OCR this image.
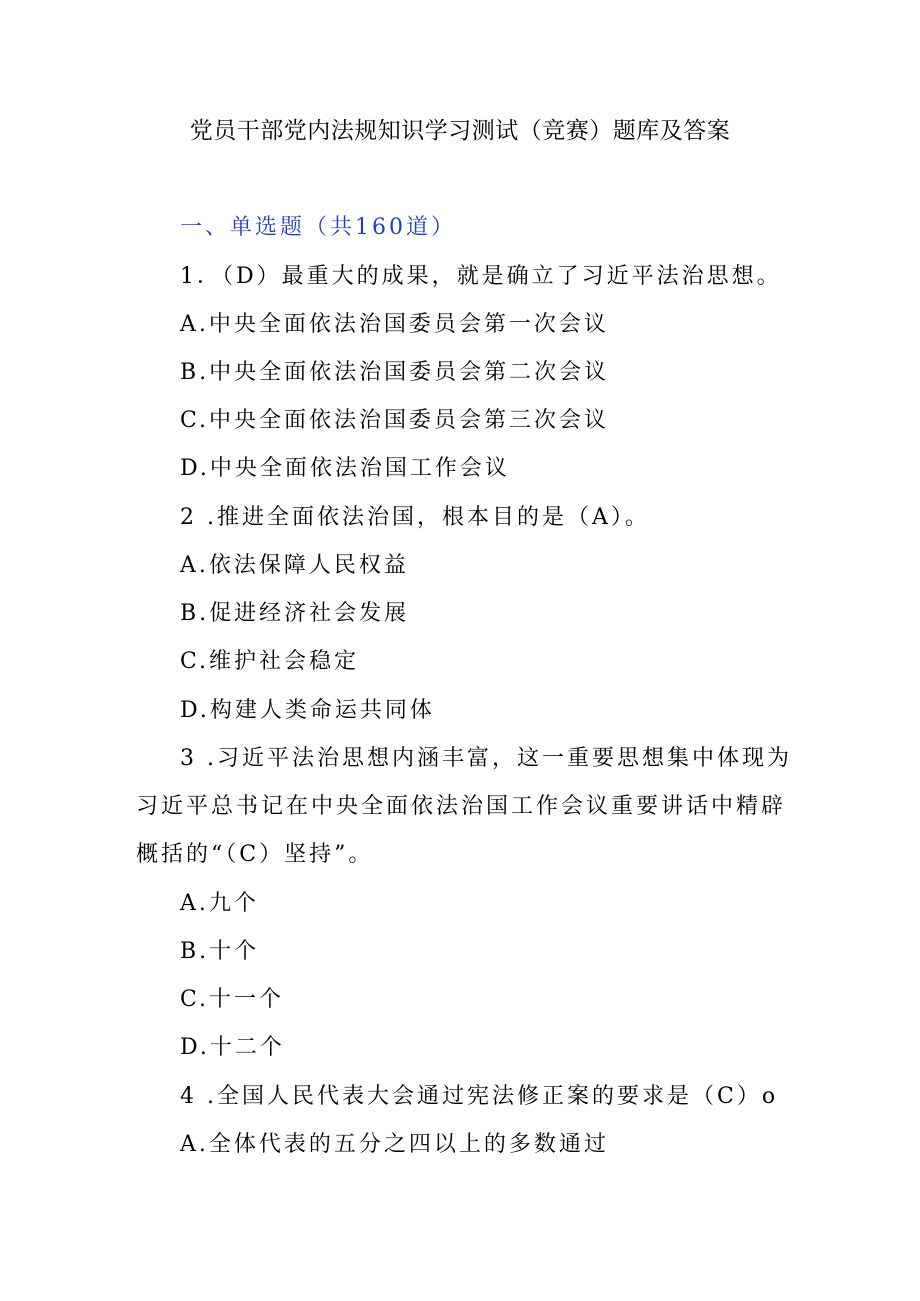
党员干部党内法规知识学习测试（竞赛）题库及答案
一、单选题（共160道）
1．（D）最重大的成果，就是确立了习近平法治思想。
A.中央全面依法治国委员会第一次会议
B.中央全面依法治国委员会第二次会议
C.中央全面依法治国委员会第三次会议
D.中央全面依法治国工作会议
2 .推进全面依法治国，根本目的是（A）。
A.依法保障人民权益
B.促进经济社会发展
C.维护社会稳定
D.构建人类命运共同体
3 .习近平法治思想内涵丰富，这一重要思想集中体现为
习近平总书记在中央全面依法治国工作会议重要讲话中精辟
概括的“（C）坚持”。
A.九个
B.十个
C.十一个
D.十二个
4 .全国人民代表大会通过宪法修正案的要求是（C）o
A.全体代表的五分之四以上的多数通过
